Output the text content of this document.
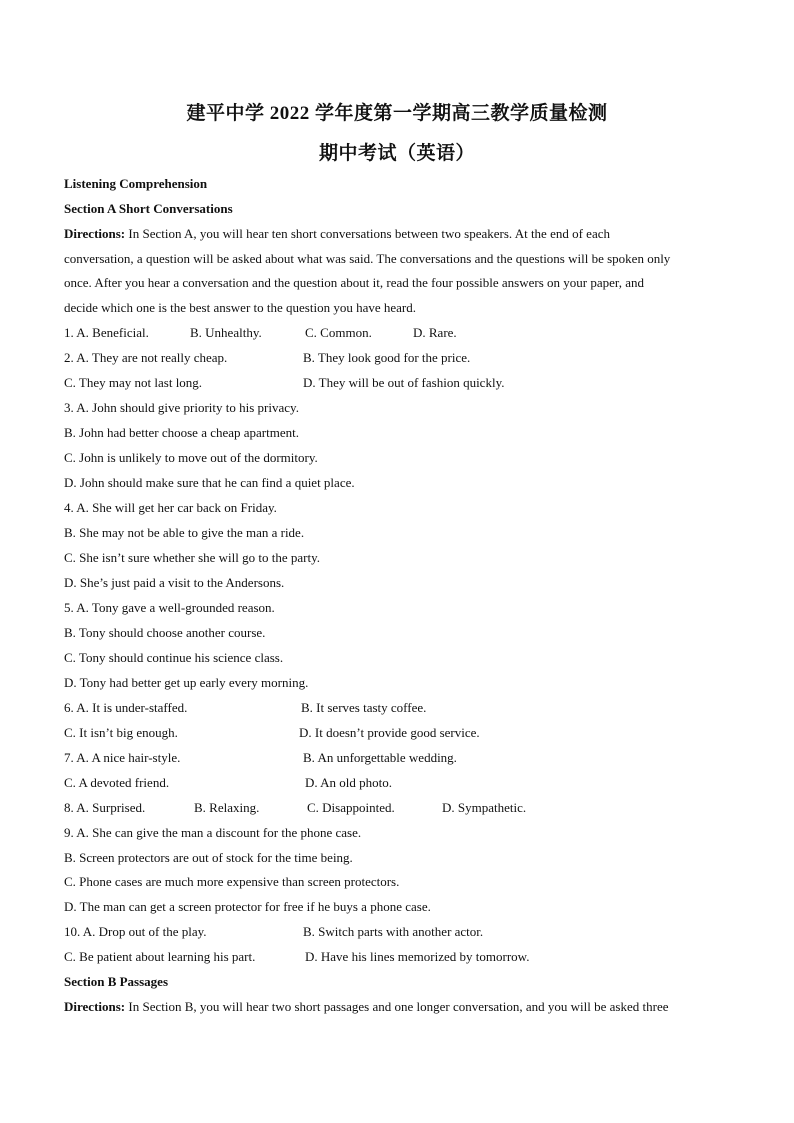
建平中学 2022 学年度第一学期高三教学质量检测
期中考试（英语）
Listening Comprehension
Section A Short Conversations
Directions: In Section A, you will hear ten short conversations between two speakers. At the end of each
conversation, a question will be asked about what was said. The conversations and the questions will be spoken only
once. After you hear a conversation and the question about it, read the four possible answers on your paper, and
decide which one is the best answer to the question you have heard.
1. A. Beneficial.	B. Unhealthy.	C. Common.	D. Rare.
2. A. They are not really cheap.	B. They look good for the price.
C. They may not last long.	D. They will be out of fashion quickly.
3. A. John should give priority to his privacy.
B. John had better choose a cheap apartment.
C. John is unlikely to move out of the dormitory.
D. John should make sure that he can find a quiet place.
4. A. She will get her car back on Friday.
B. She may not be able to give the man a ride.
C. She isn’t sure whether she will go to the party.
D. She’s just paid a visit to the Andersons.
5. A. Tony gave a well-grounded reason.
B. Tony should choose another course.
C. Tony should continue his science class.
D. Tony had better get up early every morning.
6. A. It is under-staffed.	B. It serves tasty coffee.
C. It isn’t big enough.	D. It doesn’t provide good service.
7. A. A nice hair-style.	B. An unforgettable wedding.
C. A devoted friend.	D. An old photo.
8. A. Surprised.	B. Relaxing.	C. Disappointed.	D. Sympathetic.
9. A. She can give the man a discount for the phone case.
B. Screen protectors are out of stock for the time being.
C. Phone cases are much more expensive than screen protectors.
D. The man can get a screen protector for free if he buys a phone case.
10. A. Drop out of the play.	B. Switch parts with another actor.
C. Be patient about learning his part.	D. Have his lines memorized by tomorrow.
Section B Passages
Directions: In Section B, you will hear two short passages and one longer conversation, and you will be asked three
